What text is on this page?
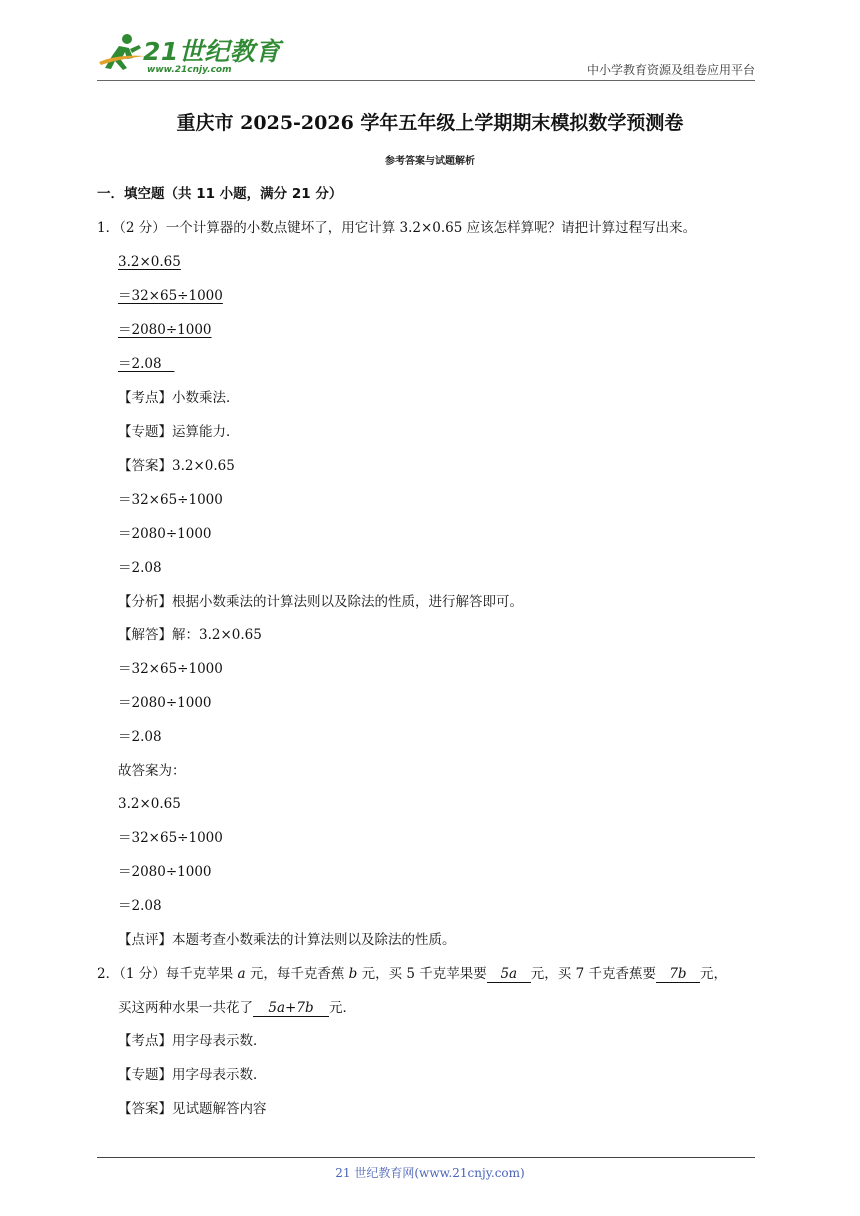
21世纪教育
www.21cnjy.com	中小学教育资源及组卷应用平台
重庆市 2025-2026 学年五年级上学期期末模拟数学预测卷
参考答案与试题解析
一．填空题（共 11 小题，满分 21 分）
1．（2 分）一个计算器的小数点键坏了，用它计算 3.2×0.65 应该怎样算呢？请把计算过程写出来。
3.2×0.65
＝32×65÷1000
＝2080÷1000
＝2.08
【考点】小数乘法．
【专题】运算能力．
【答案】3.2×0.65
＝32×65÷1000
＝2080÷1000
＝2.08
【分析】根据小数乘法的计算法则以及除法的性质，进行解答即可。
【解答】解：3.2×0.65
＝32×65÷1000
＝2080÷1000
＝2.08
故答案为：
3.2×0.65
＝32×65÷1000
＝2080÷1000
＝2.08
【点评】本题考查小数乘法的计算法则以及除法的性质。
2．（1 分）每千克苹果 a 元，每千克香蕉 b 元，买 5 千克苹果要 5a 元，买 7 千克香蕉要 7b 元，
买这两种水果一共花了 5a+7b 元．
【考点】用字母表示数．
【专题】用字母表示数．
【答案】见试题解答内容
21 世纪教育网(www.21cnjy.com)
